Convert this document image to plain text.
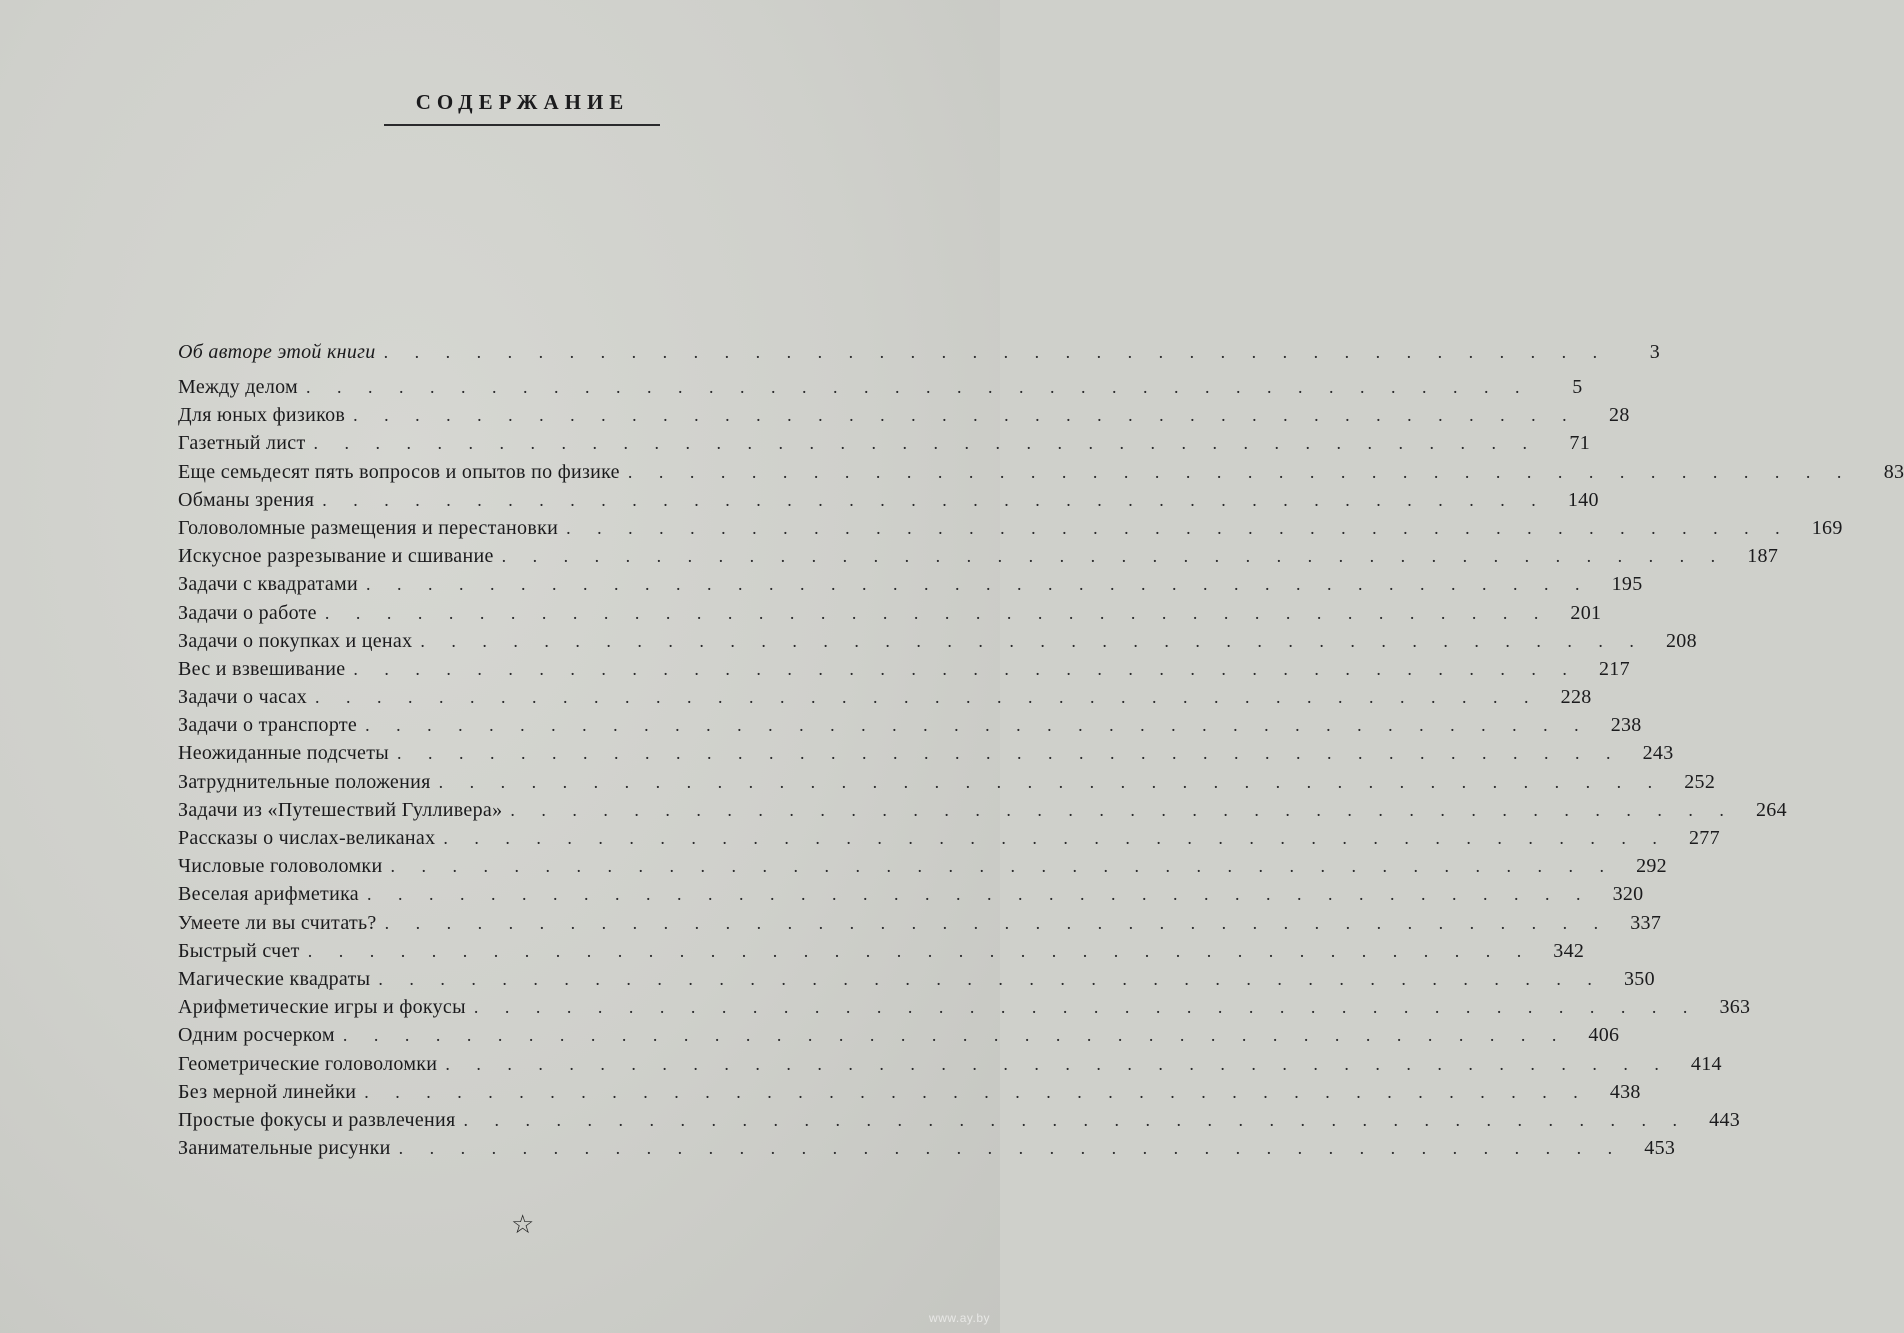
СОДЕРЖАНИЕ
Об авторе этой книги . . . . . . . . . . . . . . . . . . . . . . . . . . . . . . . . . . . . . . . .	3
Между делом . . . . . . . . . . . . . . . . . . . . . . . . . . . . . . . . . . . . . . . .	5
Для юных физиков . . . . . . . . . . . . . . . . . . . . . . . . . . . . . . . . . . . . . . . .	28
Газетный лист . . . . . . . . . . . . . . . . . . . . . . . . . . . . . . . . . . . . . . . .	71
Еще семьдесят пять вопросов и опытов по физике . . . . . . . . . . . . . . . . . . . . . . . . . . . . . . . . . . . . . . . .	83
Обманы зрения . . . . . . . . . . . . . . . . . . . . . . . . . . . . . . . . . . . . . . . .	140
Головоломные размещения и перестановки . . . . . . . . . . . . . . . . . . . . . . . . . . . . . . . . . . . . . . . .	169
Искусное разрезывание и сшивание . . . . . . . . . . . . . . . . . . . . . . . . . . . . . . . . . . . . . . . .	187
Задачи с квадратами . . . . . . . . . . . . . . . . . . . . . . . . . . . . . . . . . . . . . . . .	195
Задачи о работе . . . . . . . . . . . . . . . . . . . . . . . . . . . . . . . . . . . . . . . .	201
Задачи о покупках и ценах . . . . . . . . . . . . . . . . . . . . . . . . . . . . . . . . . . . . . . . .	208
Вес и взвешивание . . . . . . . . . . . . . . . . . . . . . . . . . . . . . . . . . . . . . . . .	217
Задачи о часах . . . . . . . . . . . . . . . . . . . . . . . . . . . . . . . . . . . . . . . .	228
Задачи о транспорте . . . . . . . . . . . . . . . . . . . . . . . . . . . . . . . . . . . . . . . .	238
Неожиданные подсчеты . . . . . . . . . . . . . . . . . . . . . . . . . . . . . . . . . . . . . . . .	243
Затруднительные положения . . . . . . . . . . . . . . . . . . . . . . . . . . . . . . . . . . . . . . . .	252
Задачи из «Путешествий Гулливера» . . . . . . . . . . . . . . . . . . . . . . . . . . . . . . . . . . . . . . . .	264
Рассказы о числах-великанах . . . . . . . . . . . . . . . . . . . . . . . . . . . . . . . . . . . . . . . .	277
Числовые головоломки . . . . . . . . . . . . . . . . . . . . . . . . . . . . . . . . . . . . . . . .	292
Веселая арифметика . . . . . . . . . . . . . . . . . . . . . . . . . . . . . . . . . . . . . . . .	320
Умеете ли вы считать? . . . . . . . . . . . . . . . . . . . . . . . . . . . . . . . . . . . . . . . .	337
Быстрый счет . . . . . . . . . . . . . . . . . . . . . . . . . . . . . . . . . . . . . . . .	342
Магические квадраты . . . . . . . . . . . . . . . . . . . . . . . . . . . . . . . . . . . . . . . .	350
Арифметические игры и фокусы . . . . . . . . . . . . . . . . . . . . . . . . . . . . . . . . . . . . . . . .	363
Одним росчерком . . . . . . . . . . . . . . . . . . . . . . . . . . . . . . . . . . . . . . . .	406
Геометрические головоломки . . . . . . . . . . . . . . . . . . . . . . . . . . . . . . . . . . . . . . . .	414
Без мерной линейки . . . . . . . . . . . . . . . . . . . . . . . . . . . . . . . . . . . . . . . .	438
Простые фокусы и развлечения . . . . . . . . . . . . . . . . . . . . . . . . . . . . . . . . . . . . . . . .	443
Занимательные рисунки . . . . . . . . . . . . . . . . . . . . . . . . . . . . . . . . . . . . . . . .	453
☆
www.ay.by
